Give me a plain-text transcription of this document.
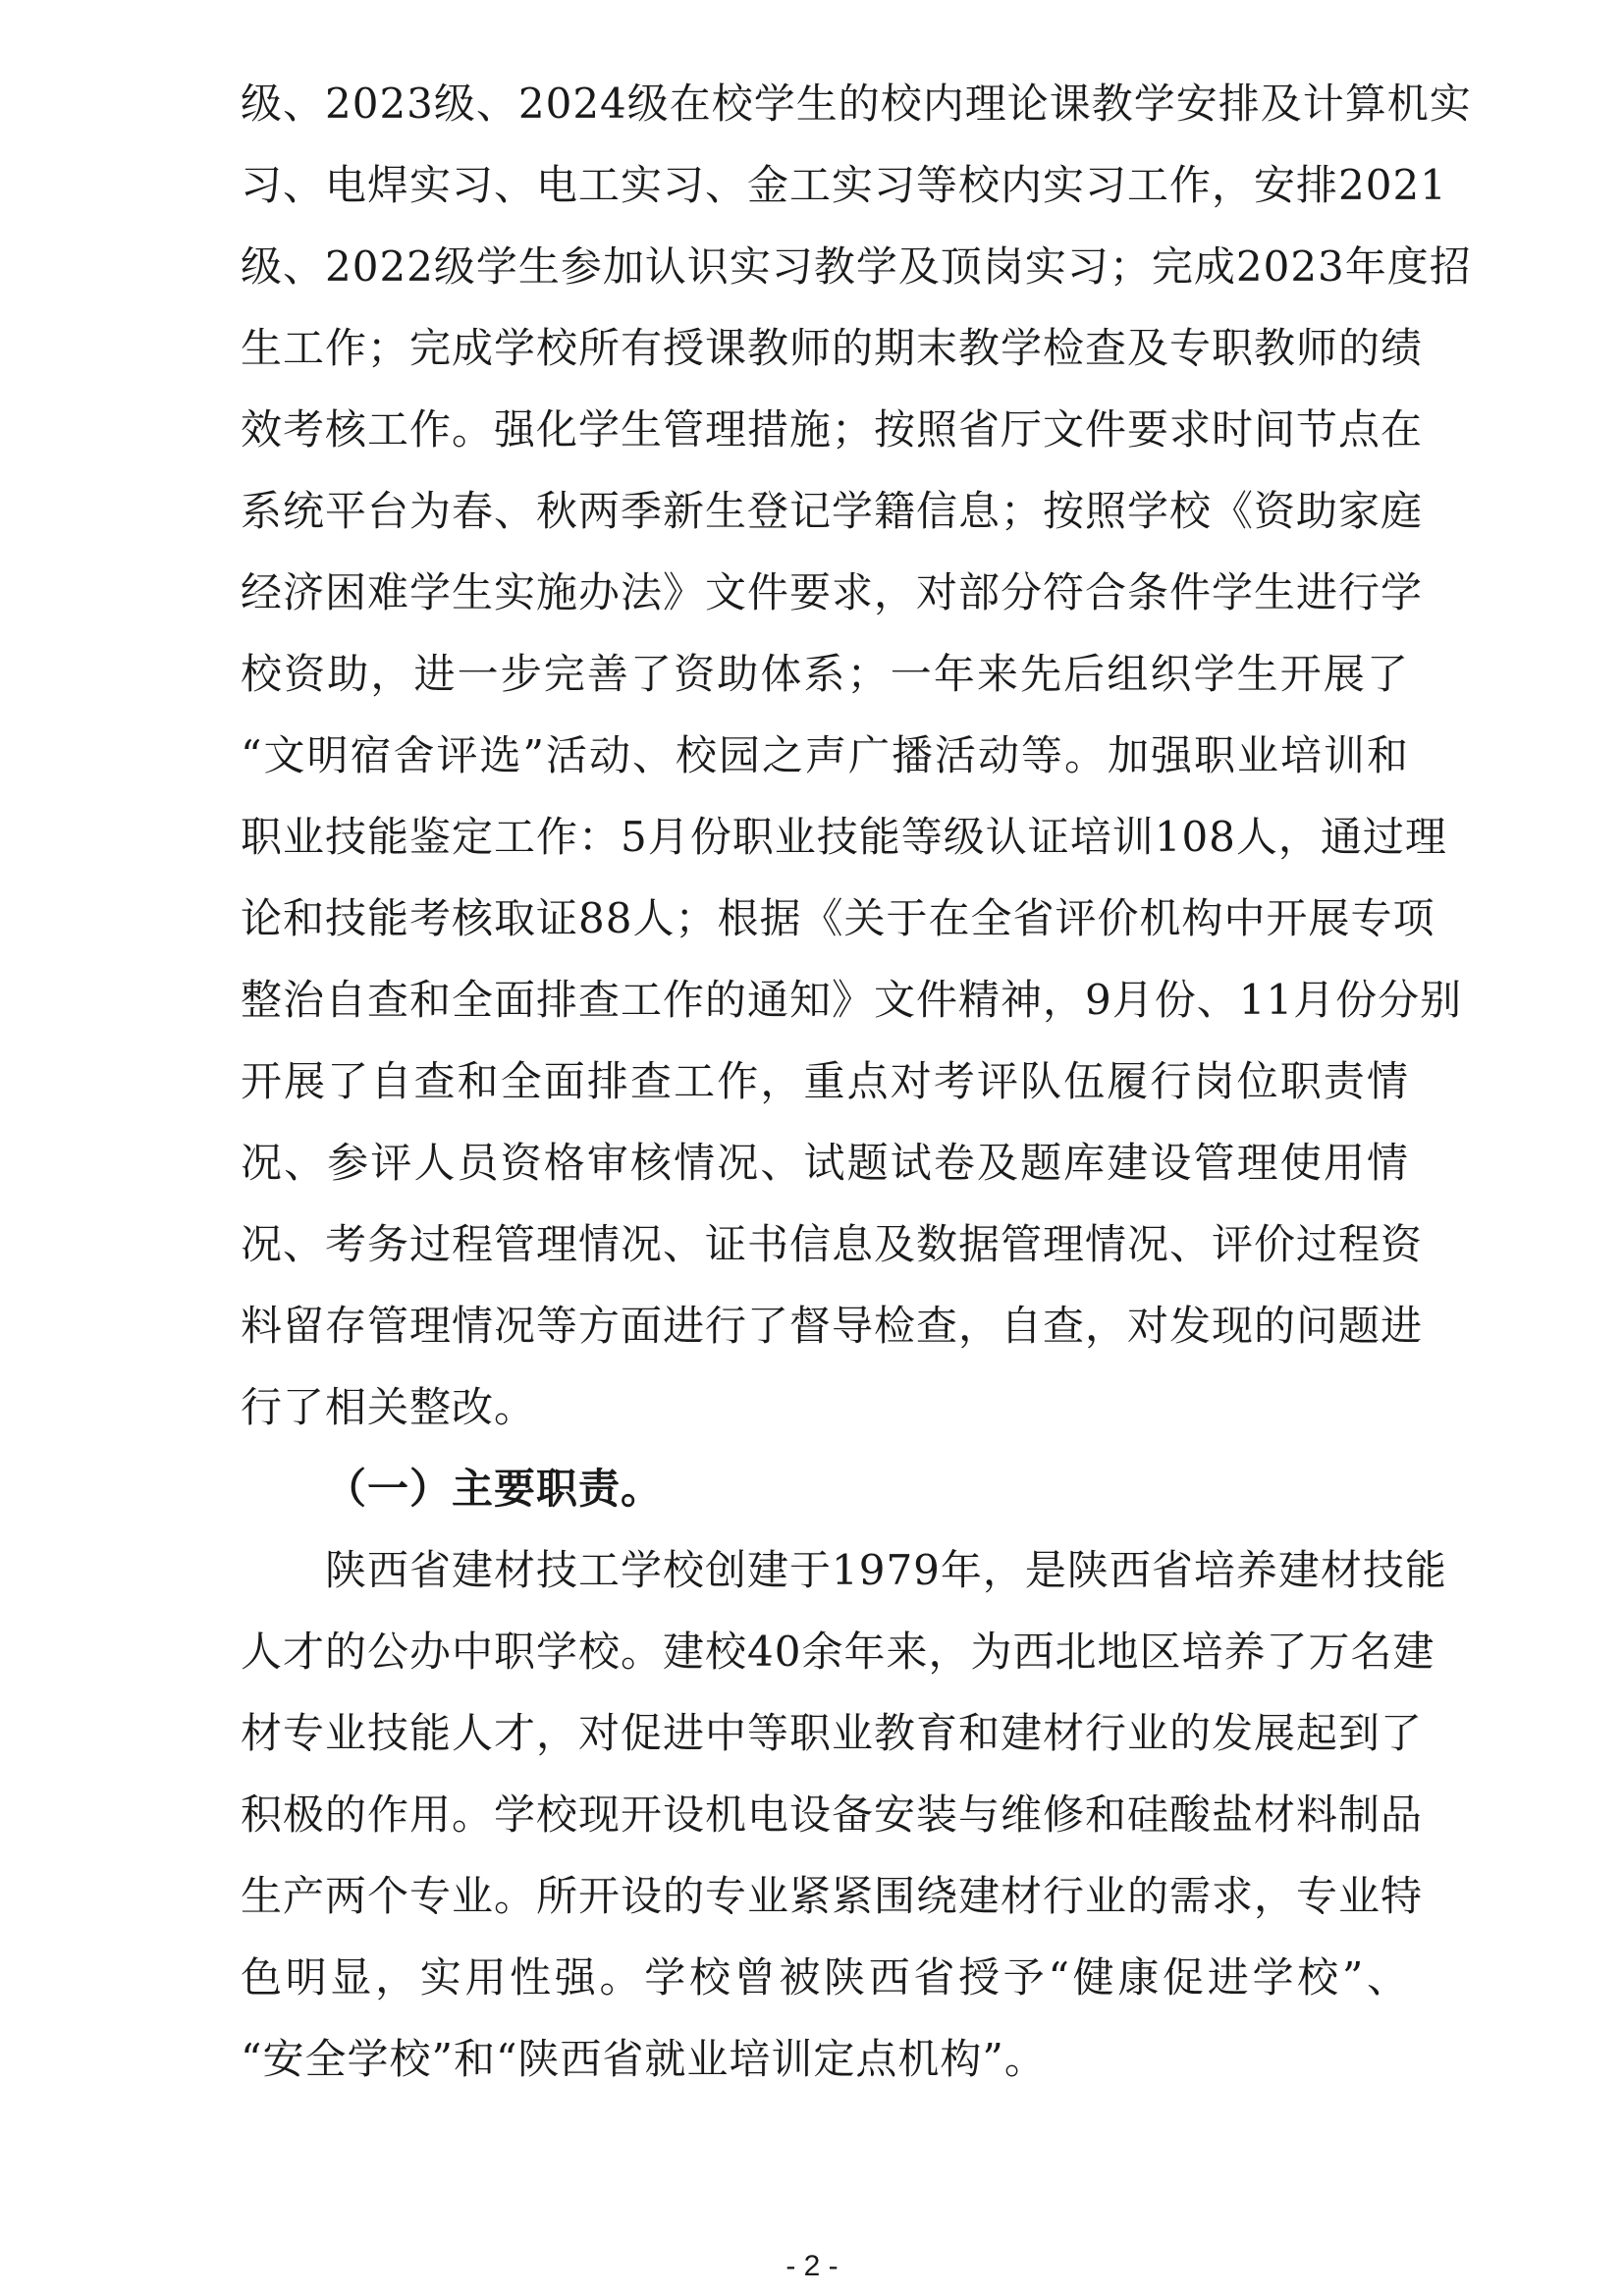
级、2023级、2024级在校学生的校内理论课教学安排及计算机实
习、电焊实习、电工实习、金工实习等校内实习工作，安排2021
级、2022级学生参加认识实习教学及顶岗实习；完成2023年度招
生工作；完成学校所有授课教师的期末教学检查及专职教师的绩
效考核工作。强化学生管理措施；按照省厅文件要求时间节点在
系统平台为春、秋两季新生登记学籍信息；按照学校《资助家庭
经济困难学生实施办法》文件要求，对部分符合条件学生进行学
校资助，进一步完善了资助体系；一年来先后组织学生开展了
“文明宿舍评选”活动、校园之声广播活动等。加强职业培训和
职业技能鉴定工作：5月份职业技能等级认证培训108人，通过理
论和技能考核取证88人；根据《关于在全省评价机构中开展专项
整治自查和全面排查工作的通知》文件精神，9月份、11月份分别
开展了自查和全面排查工作，重点对考评队伍履行岗位职责情
况、参评人员资格审核情况、试题试卷及题库建设管理使用情
况、考务过程管理情况、证书信息及数据管理情况、评价过程资
料留存管理情况等方面进行了督导检查，自查，对发现的问题进
行了相关整改。
（一）主要职责。
陕西省建材技工学校创建于1979年，是陕西省培养建材技能
人才的公办中职学校。建校40余年来，为西北地区培养了万名建
材专业技能人才，对促进中等职业教育和建材行业的发展起到了
积极的作用。学校现开设机电设备安装与维修和硅酸盐材料制品
生产两个专业。所开设的专业紧紧围绕建材行业的需求，专业特
色明显，实用性强。学校曾被陕西省授予“健康促进学校”、
“安全学校”和“陕西省就业培训定点机构”。
- 2 -
